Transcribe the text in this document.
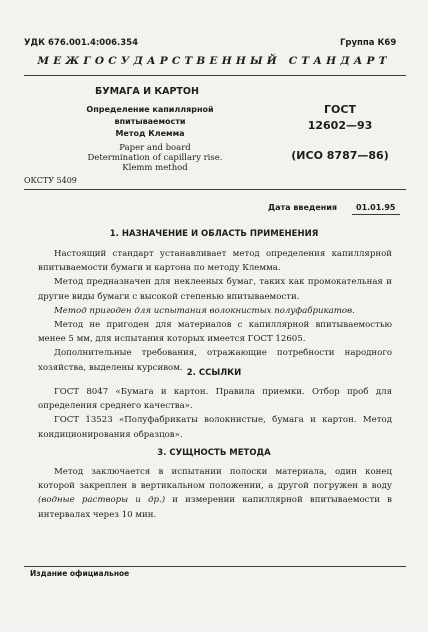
УДК 676.001.4:006.354	Группа К69
МЕЖГОСУДАРСТВЕННЫЙ СТАНДАРТ
БУМАГА И КАРТОН
Определение капиллярной
впитываемости
Метод Клемма
Paper and board
Determination of capillary rise.
Klemm method
ГОСТ
12602—93
(ИСО 8787—86)
ОКСТУ 5409
Дата введения 01.01.95
1. НАЗНАЧЕНИЕ И ОБЛАСТЬ ПРИМЕНЕНИЯ

Настоящий стандарт устанавливает метод определения капиллярной впитываемости бумаги и картона по методу Клемма.

Метод предназначен для неклееных бумаг, таких как промокательная и другие виды бумаги с высокой степенью впитываемости.

Метод пригоден для испытания волокнистых полуфабрикатов.

Метод не пригоден для материалов с капиллярной впитываемостью менее 5 мм, для испытания которых имеется ГОСТ 12605.

Дополнительные требования, отражающие потребности народного хозяйства, выделены курсивом.

2. ССЫЛКИ

ГОСТ 8047 «Бумага и картон. Правила приемки. Отбор проб для определения среднего качества».

ГОСТ 13523 «Полуфабрикаты волокнистые, бумага и картон. Метод кондиционирования образцов».

3. СУЩНОСТЬ МЕТОДА

Метод заключается в испытании полоски материала, один конец которой закреплен в вертикальном положении, а другой погружен в воду (водные растворы и др.) и измерении капиллярной впитываемости в интервалах через 10 мин.

Издание официальное
